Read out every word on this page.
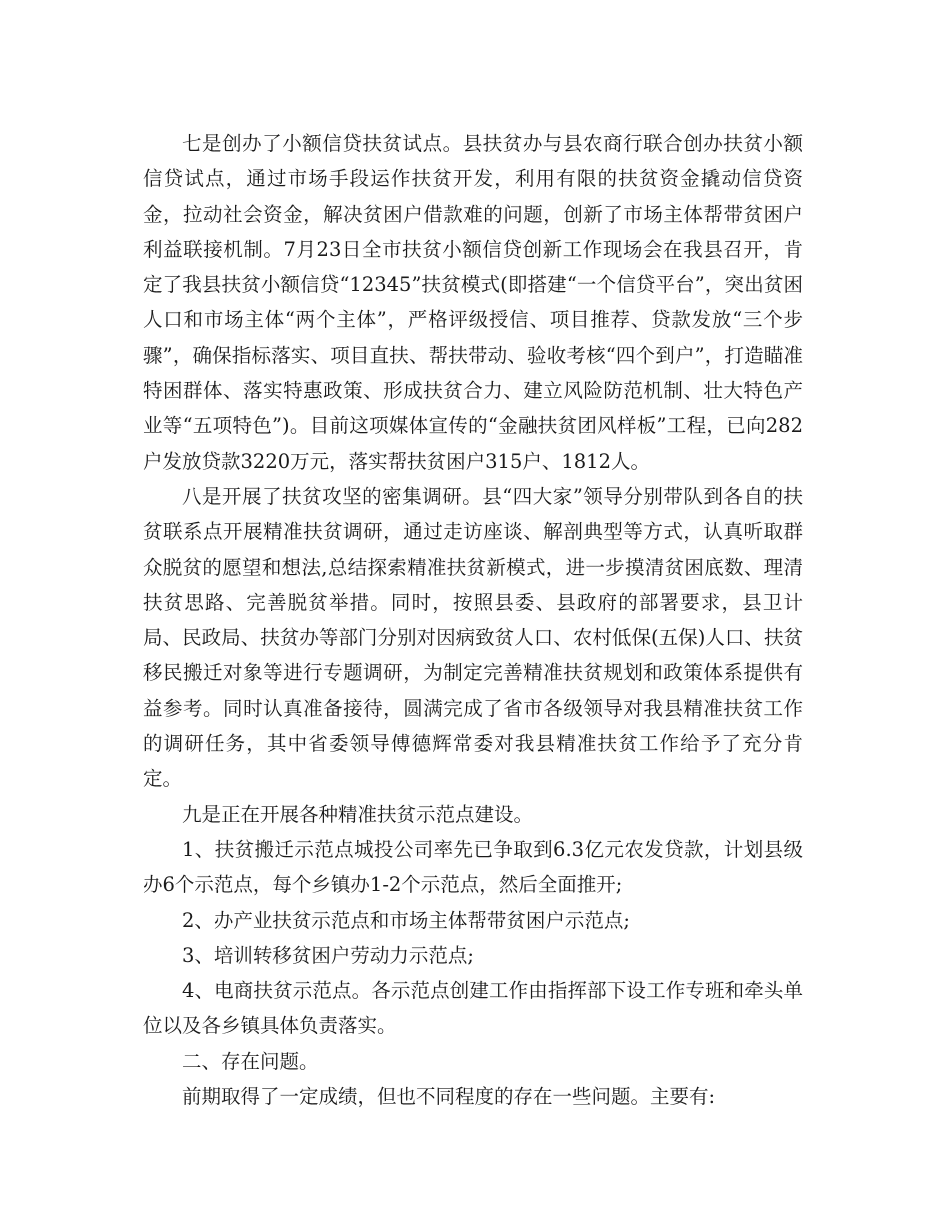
七是创办了小额信贷扶贫试点。县扶贫办与县农商行联合创办扶贫小额信贷试点，通过市场手段运作扶贫开发，利用有限的扶贫资金撬动信贷资金，拉动社会资金，解决贫困户借款难的问题，创新了市场主体帮带贫困户利益联接机制。7月23日全市扶贫小额信贷创新工作现场会在我县召开，肯定了我县扶贫小额信贷“12345”扶贫模式(即搭建“一个信贷平台”，突出贫困人口和市场主体“两个主体”，严格评级授信、项目推荐、贷款发放“三个步骤”，确保指标落实、项目直扶、帮扶带动、验收考核“四个到户”，打造瞄准特困群体、落实特惠政策、形成扶贫合力、建立风险防范机制、壮大特色产业等“五项特色”)。目前这项媒体宣传的“金融扶贫团风样板”工程，已向282户发放贷款3220万元，落实帮扶贫困户315户、1812人。

八是开展了扶贫攻坚的密集调研。县“四大家”领导分别带队到各自的扶贫联系点开展精准扶贫调研，通过走访座谈、解剖典型等方式，认真听取群众脱贫的愿望和想法,总结探索精准扶贫新模式，进一步摸清贫困底数、理清扶贫思路、完善脱贫举措。同时，按照县委、县政府的部署要求，县卫计局、民政局、扶贫办等部门分别对因病致贫人口、农村低保(五保)人口、扶贫移民搬迁对象等进行专题调研，为制定完善精准扶贫规划和政策体系提供有益参考。同时认真准备接待，圆满完成了省市各级领导对我县精准扶贫工作的调研任务，其中省委领导傅德辉常委对我县精准扶贫工作给予了充分肯定。

九是正在开展各种精准扶贫示范点建设。

1、扶贫搬迁示范点城投公司率先已争取到6.3亿元农发贷款，计划县级办6个示范点，每个乡镇办1-2个示范点，然后全面推开;

2、办产业扶贫示范点和市场主体帮带贫困户示范点;

3、培训转移贫困户劳动力示范点;

4、电商扶贫示范点。各示范点创建工作由指挥部下设工作专班和牵头单位以及各乡镇具体负责落实。

二、存在问题。

前期取得了一定成绩，但也不同程度的存在一些问题。主要有:
